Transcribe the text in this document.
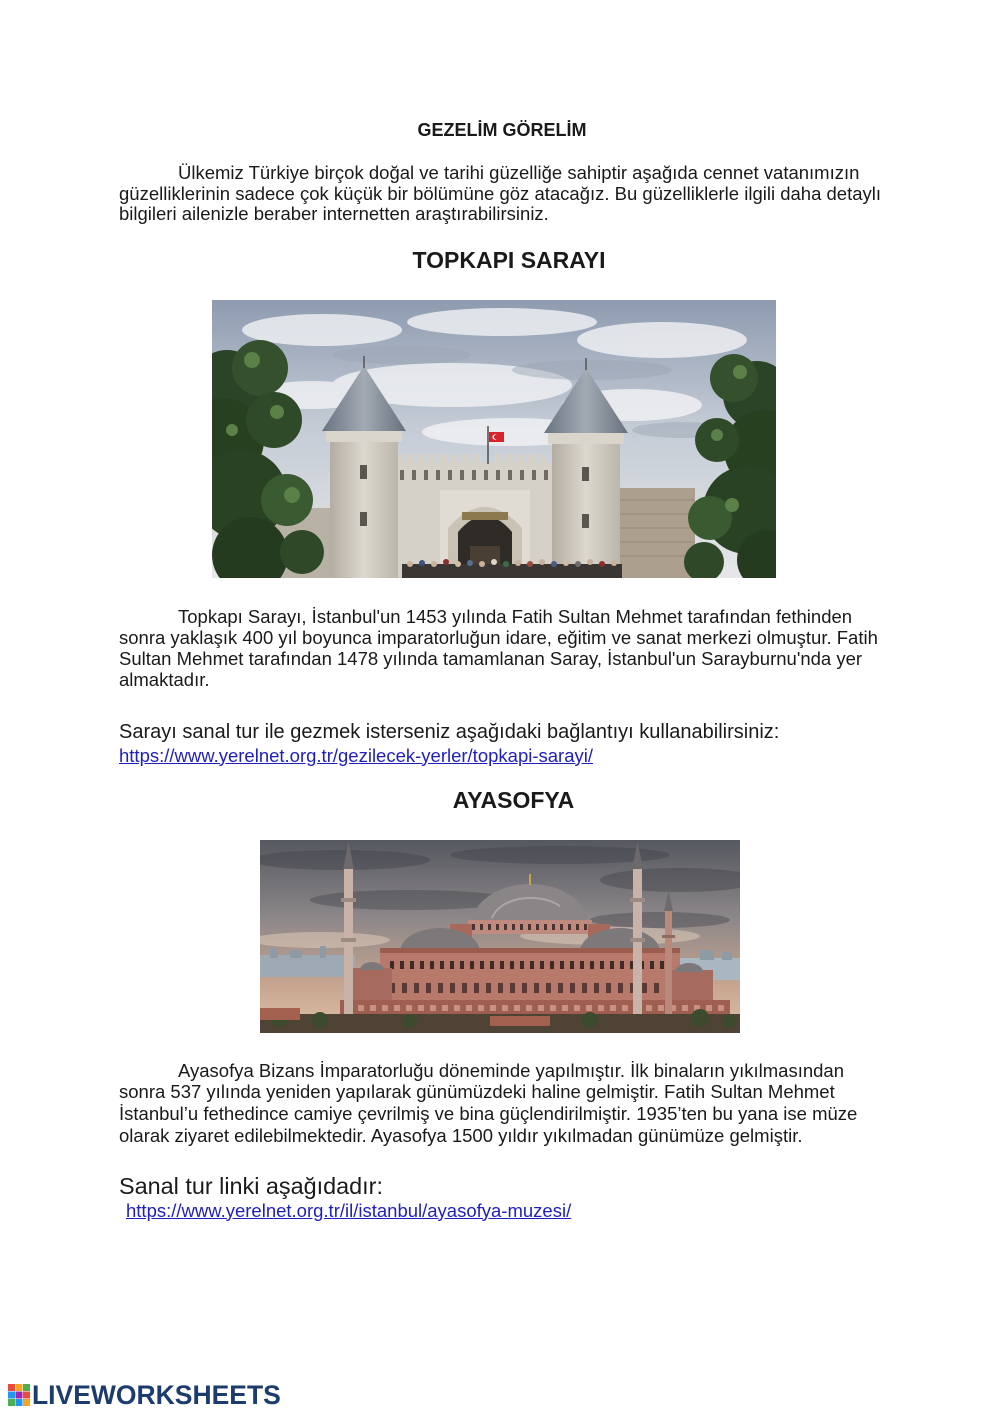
GEZELİM GÖRELİM
Ülkemiz Türkiye birçok doğal ve tarihi güzelliğe sahiptir aşağıda cennet vatanımızın
güzelliklerinin sadece çok küçük bir bölümüne göz atacağız. Bu güzelliklerle ilgili daha detaylı
bilgileri ailenizle beraber internetten araştırabilirsiniz.
TOPKAPI SARAYI
Topkapı Sarayı, İstanbul'un 1453 yılında Fatih Sultan Mehmet tarafından fethinden
sonra yaklaşık 400 yıl boyunca imparatorluğun idare, eğitim ve sanat merkezi olmuştur. Fatih
Sultan Mehmet tarafından 1478 yılında tamamlanan Saray, İstanbul'un Sarayburnu'nda yer
almaktadır.
Sarayı sanal tur ile gezmek isterseniz aşağıdaki bağlantıyı kullanabilirsiniz:
https://www.yerelnet.org.tr/gezilecek-yerler/topkapi-sarayi/
AYASOFYA
Ayasofya Bizans İmparatorluğu döneminde yapılmıştır. İlk binaların yıkılmasından
sonra 537 yılında yeniden yapılarak günümüzdeki haline gelmiştir. Fatih Sultan Mehmet
İstanbul’u fethedince camiye çevrilmiş ve bina güçlendirilmiştir. 1935’ten bu yana ise müze
olarak ziyaret edilebilmektedir. Ayasofya 1500 yıldır yıkılmadan günümüze gelmiştir.
Sanal tur linki aşağıdadır:
https://www.yerelnet.org.tr/il/istanbul/ayasofya-muzesi/
LIVEWORKSHEETS
